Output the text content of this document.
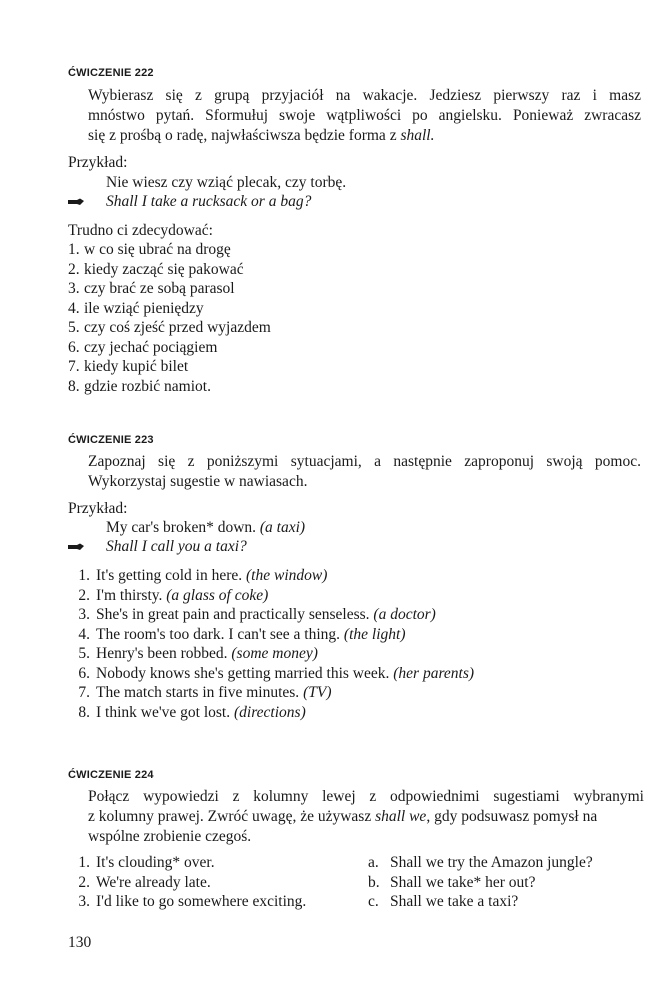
ĆWICZENIE 222
Wybierasz się z grupą przyjaciół na wakacje. Jedziesz pierwszy raz i masz
mnóstwo pytań. Sformułuj swoje wątpliwości po angielsku. Ponieważ zwracasz
się z prośbą o radę, najwłaściwsza będzie forma z shall.
Przykład:
Nie wiesz czy wziąć plecak, czy torbę.
Shall I take a rucksack or a bag?
Trudno ci zdecydować:
1. w co się ubrać na drogę
2. kiedy zacząć się pakować
3. czy brać ze sobą parasol
4. ile wziąć pieniędzy
5. czy coś zjeść przed wyjazdem
6. czy jechać pociągiem
7. kiedy kupić bilet
8. gdzie rozbić namiot.
ĆWICZENIE 223
Zapoznaj się z poniższymi sytuacjami, a następnie zaproponuj swoją pomoc.
Wykorzystaj sugestie w nawiasach.
Przykład:
My car's broken* down. (a taxi)
Shall I call you a taxi?
1. It's getting cold in here. (the window)
2. I'm thirsty. (a glass of coke)
3. She's in great pain and practically senseless. (a doctor)
4. The room's too dark. I can't see a thing. (the light)
5. Henry's been robbed. (some money)
6. Nobody knows she's getting married this week. (her parents)
7. The match starts in five minutes. (TV)
8. I think we've got lost. (directions)
ĆWICZENIE 224
Połącz wypowiedzi z kolumny lewej z odpowiednimi sugestiami wybranymi
z kolumny prawej. Zwróć uwagę, że używasz shall we, gdy podsuwasz pomysł na
wspólne zrobienie czegoś.
1. It's clouding* over.
2. We're already late.
3. I'd like to go somewhere exciting.
a. Shall we try the Amazon jungle?
b. Shall we take* her out?
c. Shall we take a taxi?
130
